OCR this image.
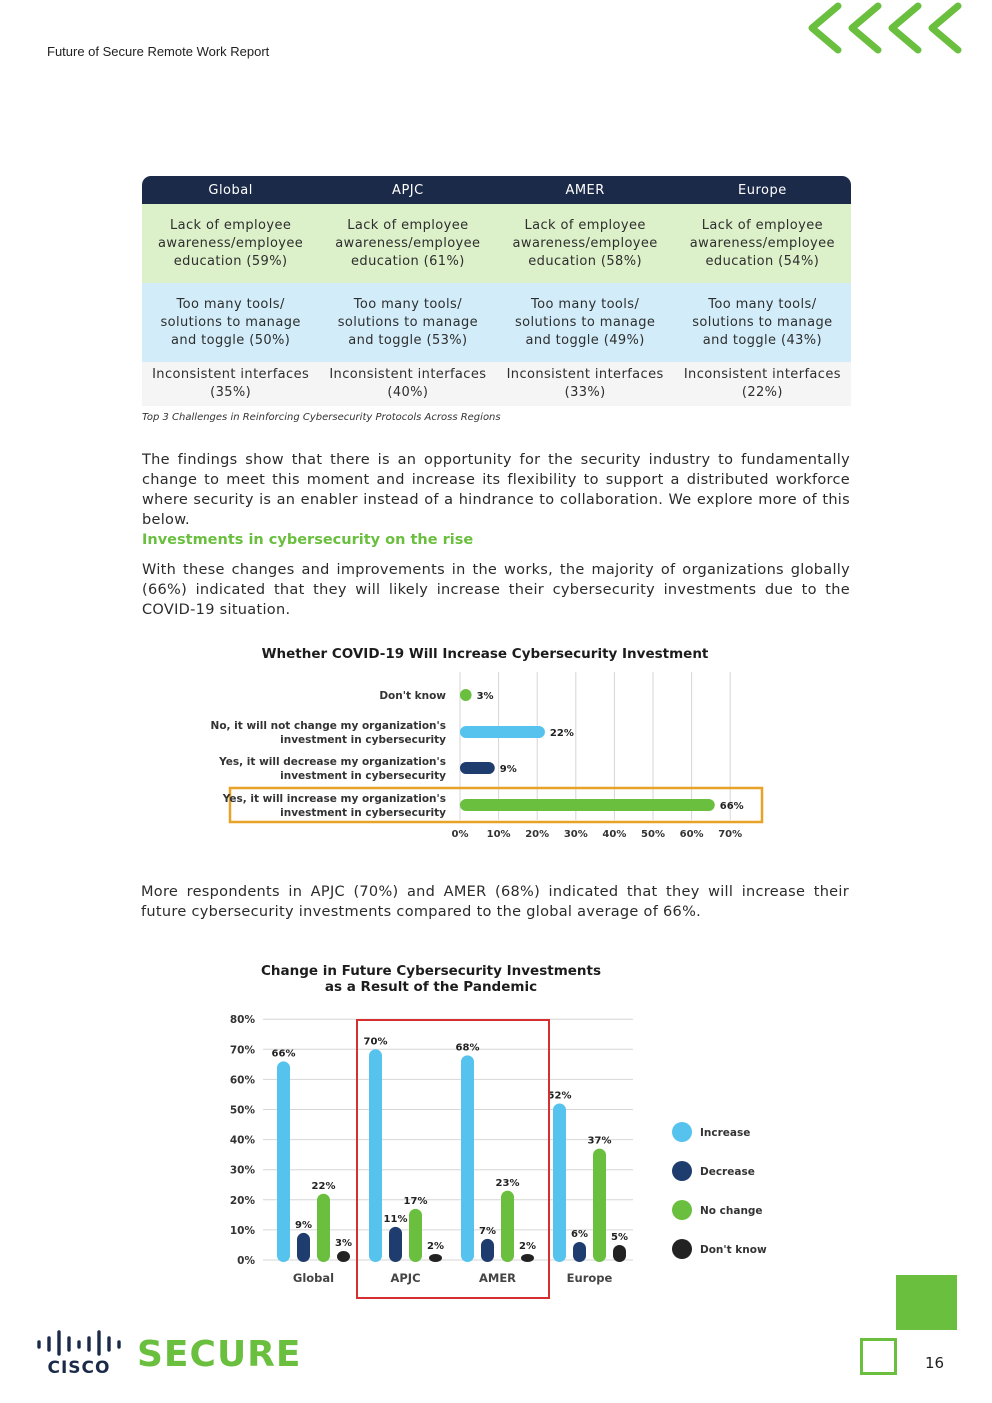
Future of Secure Remote Work Report
Global	APJC	AMER	Europe
Lack of employee awareness/employee education (59%)	Lack of employee awareness/employee education (61%)	Lack of employee awareness/employee education (58%)	Lack of employee awareness/employee education (54%)
Too many tools/ solutions to manage and toggle (50%)	Too many tools/ solutions to manage and toggle (53%)	Too many tools/ solutions to manage and toggle (49%)	Too many tools/ solutions to manage and toggle (43%)
Inconsistent interfaces (35%)	Inconsistent interfaces (40%)	Inconsistent interfaces (33%)	Inconsistent interfaces (22%)
Top 3 Challenges in Reinforcing Cybersecurity Protocols Across Regions

The findings show that there is an opportunity for the security industry to fundamentally change to meet this moment and increase its flexibility to support a distributed workforce where security is an enabler instead of a hindrance to collaboration. We explore more of this below.

Investments in cybersecurity on the rise

With these changes and improvements in the works, the majority of organizations globally (66%) indicated that they will likely increase their cybersecurity investments due to the COVID-19 situation.

Whether COVID-19 Will Increase Cybersecurity Investment
0% 10% 20% 30% 40% 50% 60% 70%
3%
Don't know
22%
No, it will not change my organization's
investment in cybersecurity
9%
Yes, it will decrease my organization's
investment in cybersecurity
66%
Yes, it will increase my organization's
investment in cybersecurity

More respondents in APJC (70%) and AMER (68%) indicated that they will increase their future cybersecurity investments compared to the global average of 66%.

Change in Future Cybersecurity Investments
as a Result of the Pandemic
0%
10%
20%
30%
40%
50%
60%
70%
80%
66%
9%
22%
3%
Global
70%
11%
17%
2%
APJC
68%
7%
23%
2%
AMER
52%
6%
37%
5%
Europe
Increase
Decrease
No change
Don't know
CISCO SECURE	16
